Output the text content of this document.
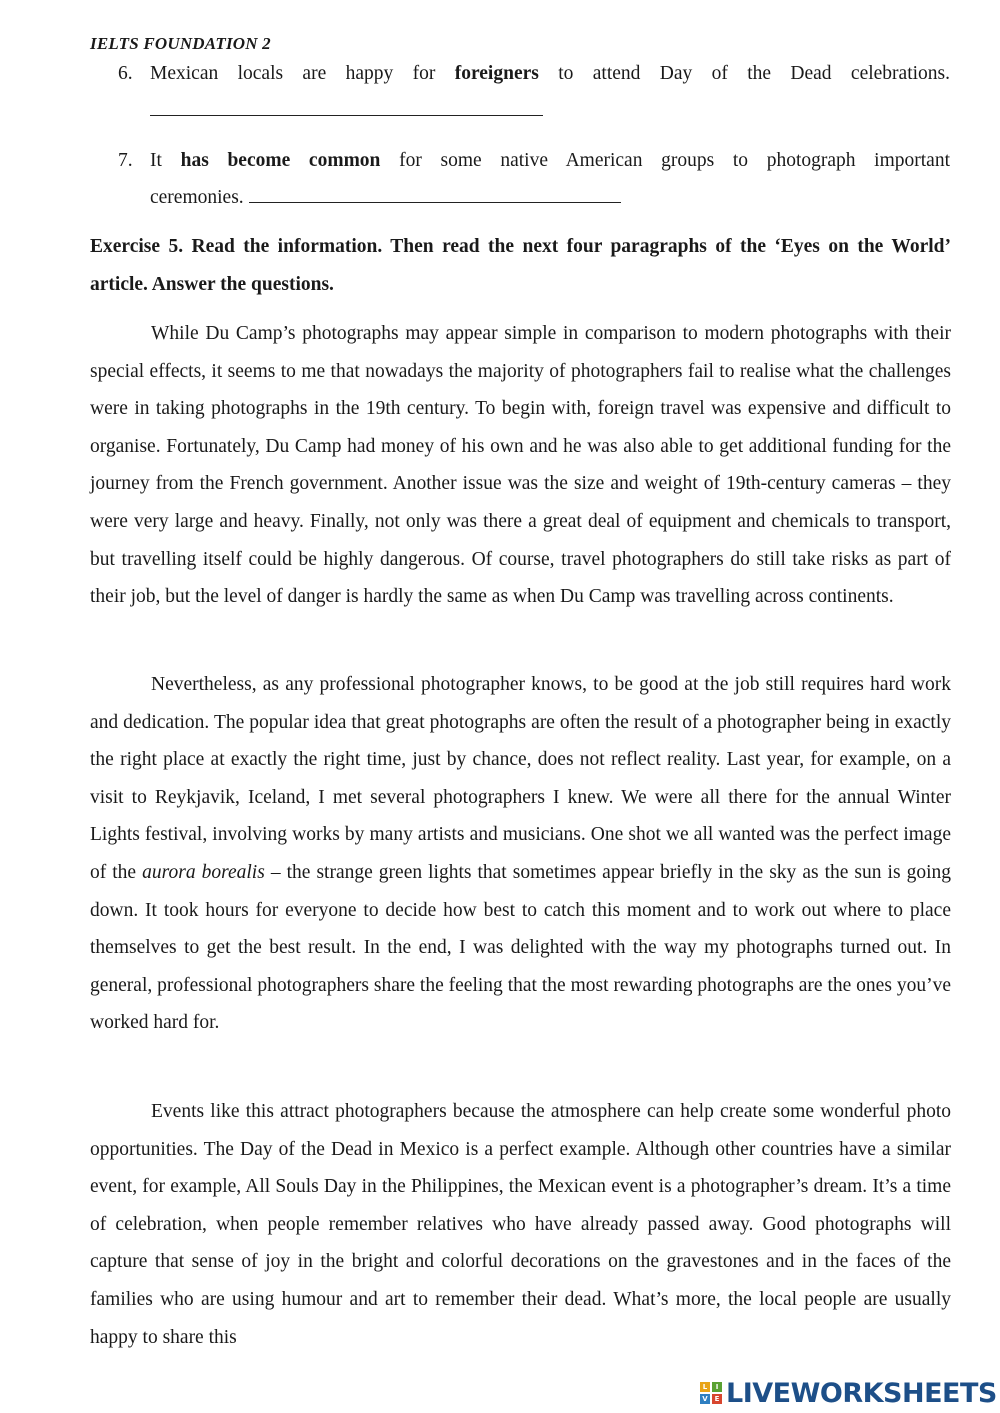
IELTS FOUNDATION 2
6. Mexican locals are happy for foreigners to attend Day of the Dead celebrations.
7. It has become common for some native American groups to photograph important
ceremonies.
Exercise 5. Read the information. Then read the next four paragraphs of the ‘Eyes on the World’ article. Answer the questions.

While Du Camp’s photographs may appear simple in comparison to modern photographs with their special effects, it seems to me that nowadays the majority of photographers fail to realise what the challenges were in taking photographs in the 19th century. To begin with, foreign travel was expensive and difficult to organise. Fortunately, Du Camp had money of his own and he was also able to get additional funding for the journey from the French government. Another issue was the size and weight of 19th-century cameras – they were very large and heavy. Finally, not only was there a great deal of equipment and chemicals to transport, but travelling itself could be highly dangerous. Of course, travel photographers do still take risks as part of their job, but the level of danger is hardly the same as when Du Camp was travelling across continents.

Nevertheless, as any professional photographer knows, to be good at the job still requires hard work and dedication. The popular idea that great photographs are often the result of a photographer being in exactly the right place at exactly the right time, just by chance, does not reflect reality. Last year, for example, on a visit to Reykjavik, Iceland, I met several photographers I knew. We were all there for the annual Winter Lights festival, involving works by many artists and musicians. One shot we all wanted was the perfect image of the aurora borealis – the strange green lights that sometimes appear briefly in the sky as the sun is going down. It took hours for everyone to decide how best to catch this moment and to work out where to place themselves to get the best result. In the end, I was delighted with the way my photographs turned out. In general, professional photographers share the feeling that the most rewarding photographs are the ones you’ve worked hard for.

Events like this attract photographers because the atmosphere can help create some wonderful photo opportunities. The Day of the Dead in Mexico is a perfect example. Although other countries have a similar event, for example, All Souls Day in the Philippines, the Mexican event is a photographer’s dream. It’s a time of celebration, when people remember relatives who have already passed away. Good photographs will capture that sense of joy in the bright and colorful decorations on the gravestones and in the faces of the families who are using humour and art to remember their dead. What’s more, the local people are usually happy to share this

L	I
V E LIVEWORKSHEETS
